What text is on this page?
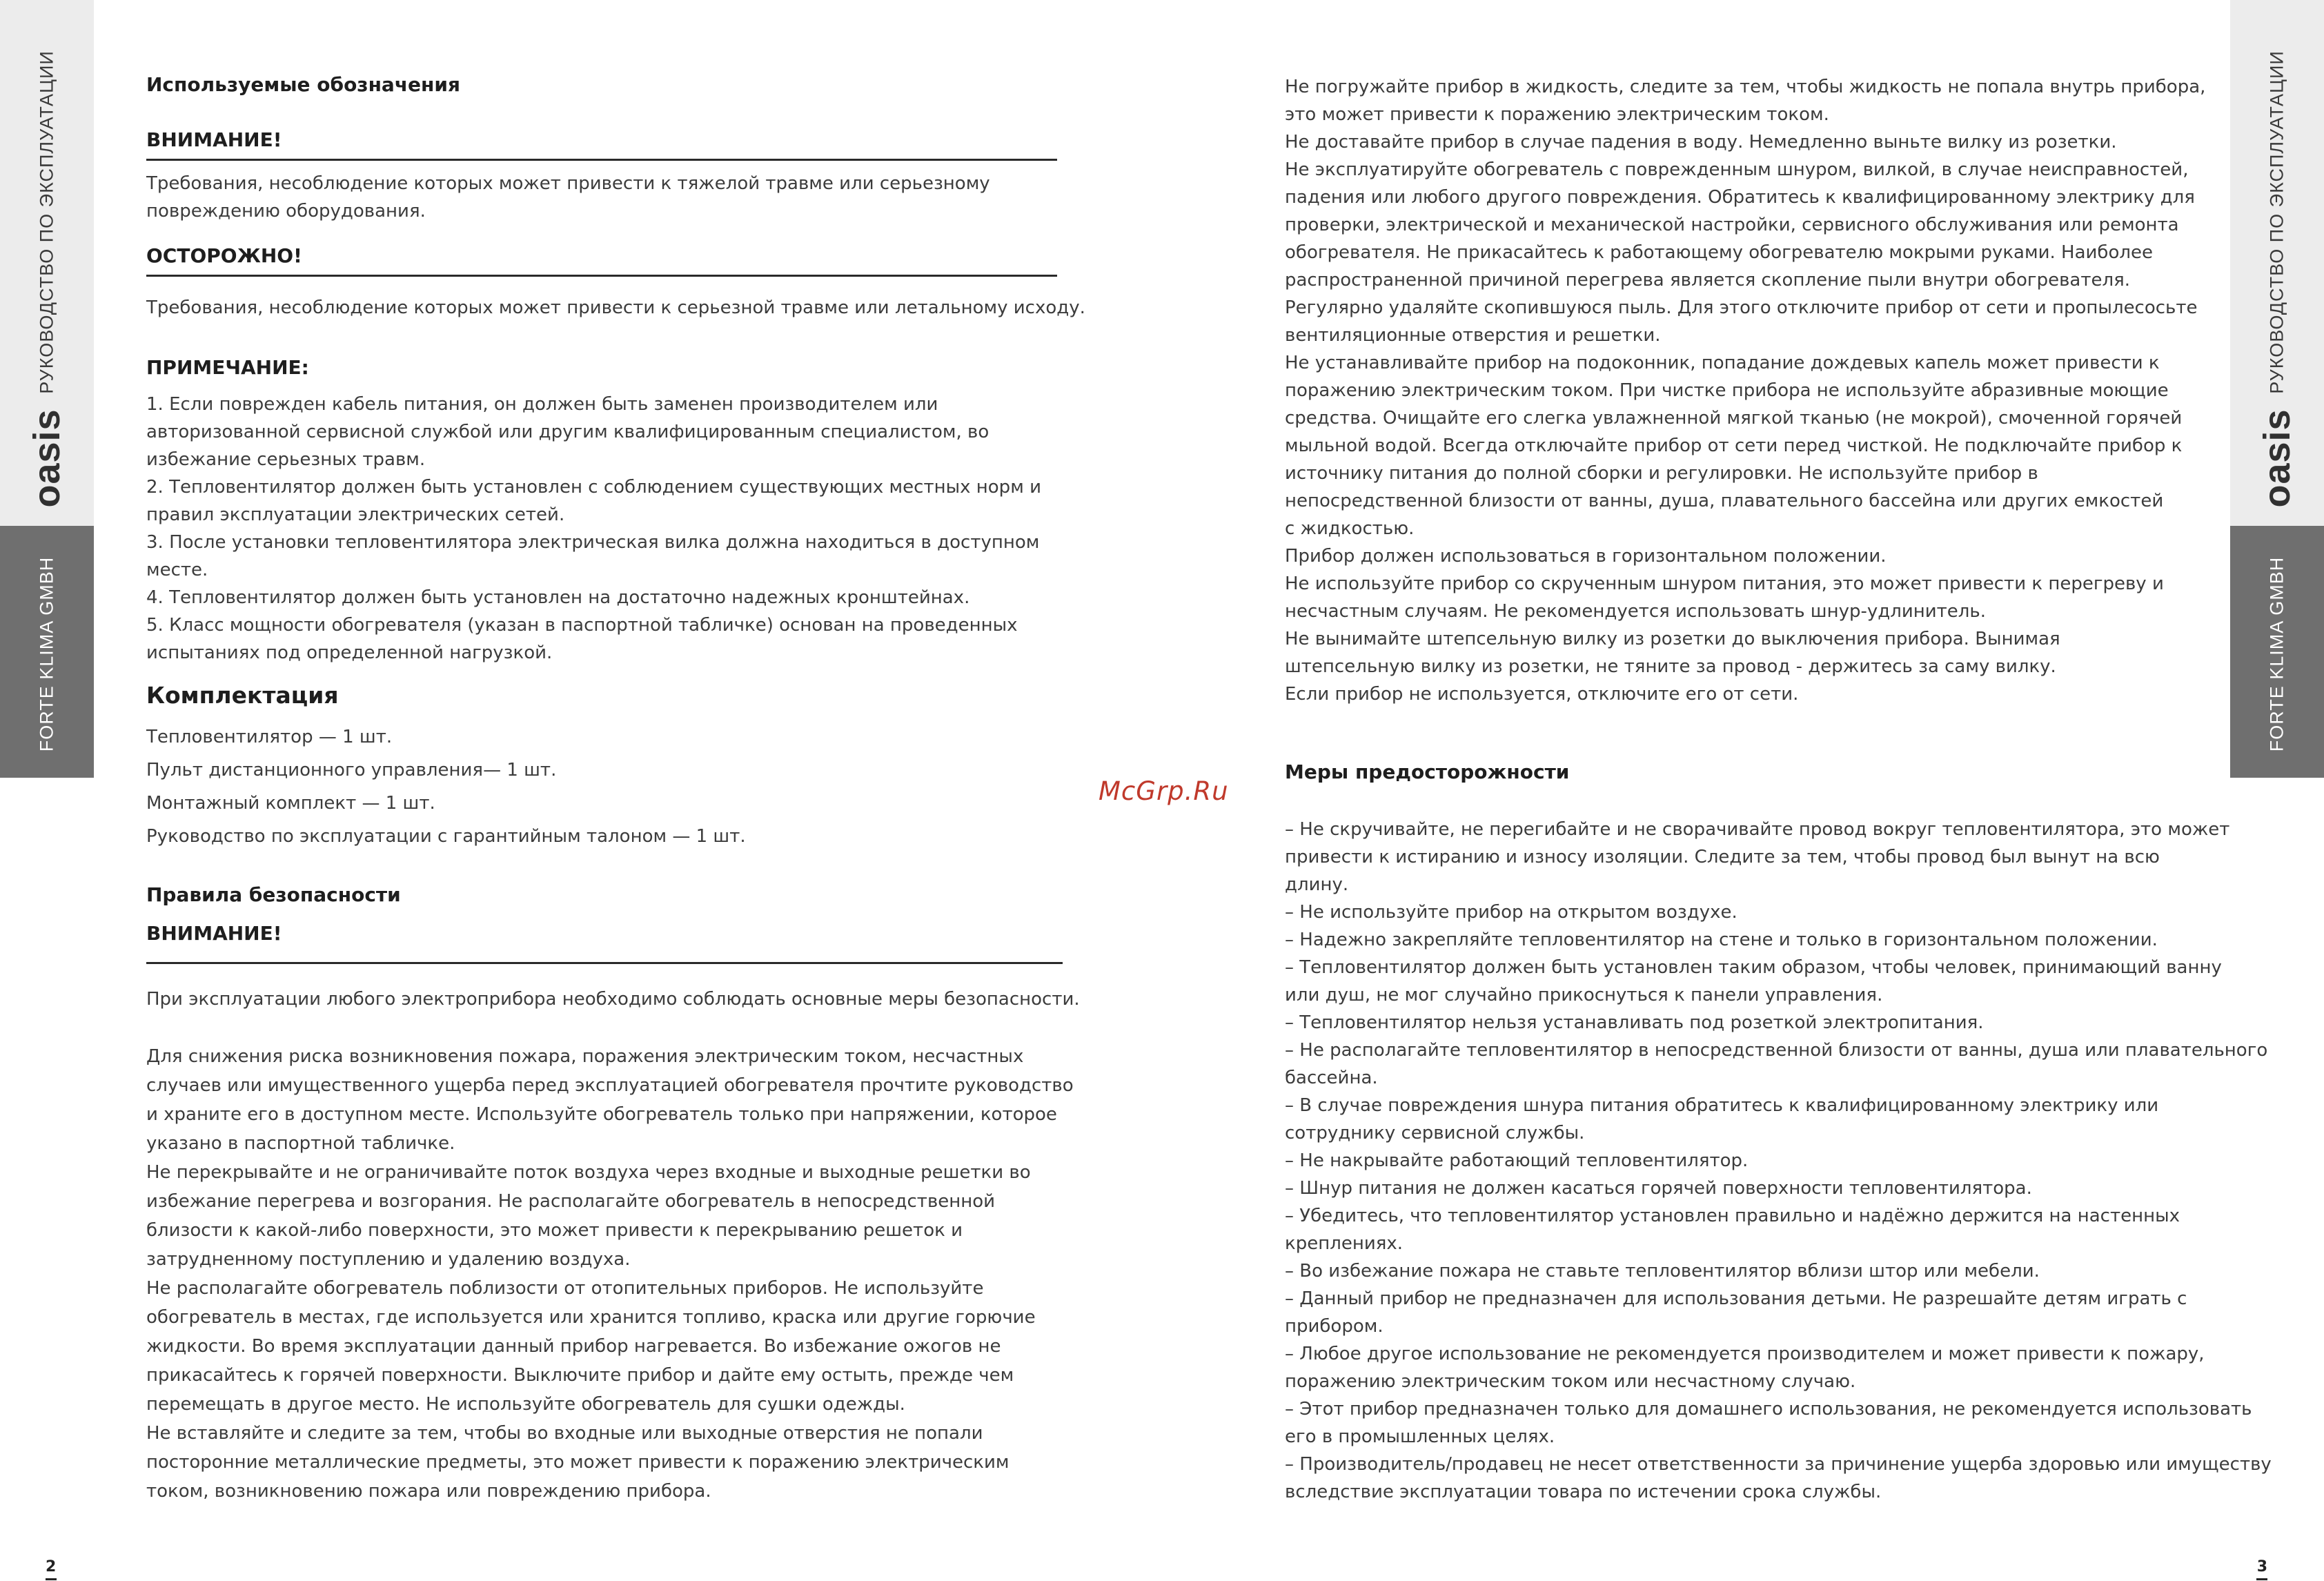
РУКОВОДСТВО ПО ЭКСПЛУАТАЦИИ
oasis
FORTE KLIMA GMBH
РУКОВОДСТВО ПО ЭКСПЛУАТАЦИИ
oasis
FORTE KLIMA GMBH
2	3
McGrp.Ru
Используемые обозначения
ВНИМАНИЕ!
Требования, несоблюдение которых может привести к тяжелой травме или серьезному
повреждению оборудования.
ОСТОРОЖНО!
Требования, несоблюдение которых может привести к серьезной травме или летальному исходу.
ПРИМЕЧАНИЕ:
1. Если поврежден кабель питания, он должен быть заменен производителем или
авторизованной сервисной службой или другим квалифицированным специалистом, во
избежание серьезных травм.
2. Тепловентилятор должен быть установлен с соблюдением существующих местных норм и
правил эксплуатации электрических сетей.
3. После установки тепловентилятора электрическая вилка должна находиться в доступном
месте.
4. Тепловентилятор должен быть установлен на достаточно надежных кронштейнах.
5. Класс мощности обогревателя (указан в паспортной табличке) основан на проведенных
испытаниях под определенной нагрузкой.
Комплектация
Тепловентилятор — 1 шт.
Пульт дистанционного управления— 1 шт.
Монтажный комплект — 1 шт.
Руководство по эксплуатации с гарантийным талоном — 1 шт.
Правила безопасности
ВНИМАНИЕ!
При эксплуатации любого электроприбора необходимо соблюдать основные меры безопасности.
Для снижения риска возникновения пожара, поражения электрическим током, несчастных
случаев или имущественного ущерба перед эксплуатацией обогревателя прочтите руководство
и храните его в доступном месте. Используйте обогреватель только при напряжении, которое
указано в паспортной табличке.
Не перекрывайте и не ограничивайте поток воздуха через входные и выходные решетки во
избежание перегрева и возгорания. Не располагайте обогреватель в непосредственной
близости к какой-либо поверхности, это может привести к перекрыванию решеток и
затрудненному поступлению и удалению воздуха.
Не располагайте обогреватель поблизости от отопительных приборов. Не используйте
обогреватель в местах, где используется или хранится топливо, краска или другие горючие
жидкости. Во время эксплуатации данный прибор нагревается. Во избежание ожогов не
прикасайтесь к горячей поверхности. Выключите прибор и дайте ему остыть, прежде чем
перемещать в другое место. Не используйте обогреватель для сушки одежды.
Не вставляйте и следите за тем, чтобы во входные или выходные отверстия не попали
посторонние металлические предметы, это может привести к поражению электрическим
током, возникновению пожара или повреждению прибора.
Не погружайте прибор в жидкость, следите за тем, чтобы жидкость не попала внутрь прибора,
это может привести к поражению электрическим током.
Не доставайте прибор в случае падения в воду. Немедленно выньте вилку из розетки.
Не эксплуатируйте обогреватель с поврежденным шнуром, вилкой, в случае неисправностей,
падения или любого другого повреждения. Обратитесь к квалифицированному электрику для
проверки, электрической и механической настройки, сервисного обслуживания или ремонта
обогревателя. Не прикасайтесь к работающему обогревателю мокрыми руками. Наиболее
распространенной причиной перегрева является скопление пыли внутри обогревателя.
Регулярно удаляйте скопившуюся пыль. Для этого отключите прибор от сети и пропылесосьте
вентиляционные отверстия и решетки.
Не устанавливайте прибор на подоконник, попадание дождевых капель может привести к
поражению электрическим током. При чистке прибора не используйте абразивные моющие
средства. Очищайте его слегка увлажненной мягкой тканью (не мокрой), смоченной горячей
мыльной водой. Всегда отключайте прибор от сети перед чисткой. Не подключайте прибор к
источнику питания до полной сборки и регулировки. Не используйте прибор в
непосредственной близости от ванны, душа, плавательного бассейна или других емкостей
с жидкостью.
Прибор должен использоваться в горизонтальном положении.
Не используйте прибор со скрученным шнуром питания, это может привести к перегреву и
несчастным случаям. Не рекомендуется использовать шнур-удлинитель.
Не вынимайте штепсельную вилку из розетки до выключения прибора. Вынимая
штепсельную вилку из розетки, не тяните за провод - держитесь за саму вилку.
Если прибор не используется, отключите его от сети.
Меры предосторожности
– Не скручивайте, не перегибайте и не сворачивайте провод вокруг тепловентилятора, это может
привести к истиранию и износу изоляции. Следите за тем, чтобы провод был вынут на всю
длину.
– Не используйте прибор на открытом воздухе.
– Надежно закрепляйте тепловентилятор на стене и только в горизонтальном положении.
– Тепловентилятор должен быть установлен таким образом, чтобы человек, принимающий ванну
или душ, не мог случайно прикоснуться к панели управления.
– Тепловентилятор нельзя устанавливать под розеткой электропитания.
– Не располагайте тепловентилятор в непосредственной близости от ванны, душа или плавательного
бассейна.
– В случае повреждения шнура питания обратитесь к квалифицированному электрику или
сотруднику сервисной службы.
– Не накрывайте работающий тепловентилятор.
– Шнур питания не должен касаться горячей поверхности тепловентилятора.
– Убедитесь, что тепловентилятор установлен правильно и надёжно держится на настенных
креплениях.
– Во избежание пожара не ставьте тепловентилятор вблизи штор или мебели.
– Данный прибор не предназначен для использования детьми. Не разрешайте детям играть с
прибором.
– Любое другое использование не рекомендуется производителем и может привести к пожару,
поражению электрическим током или несчастному случаю.
– Этот прибор предназначен только для домашнего использования, не рекомендуется использовать
его в промышленных целях.
– Производитель/продавец не несет ответственности за причинение ущерба здоровью или имуществу
вследствие эксплуатации товара по истечении срока службы.
